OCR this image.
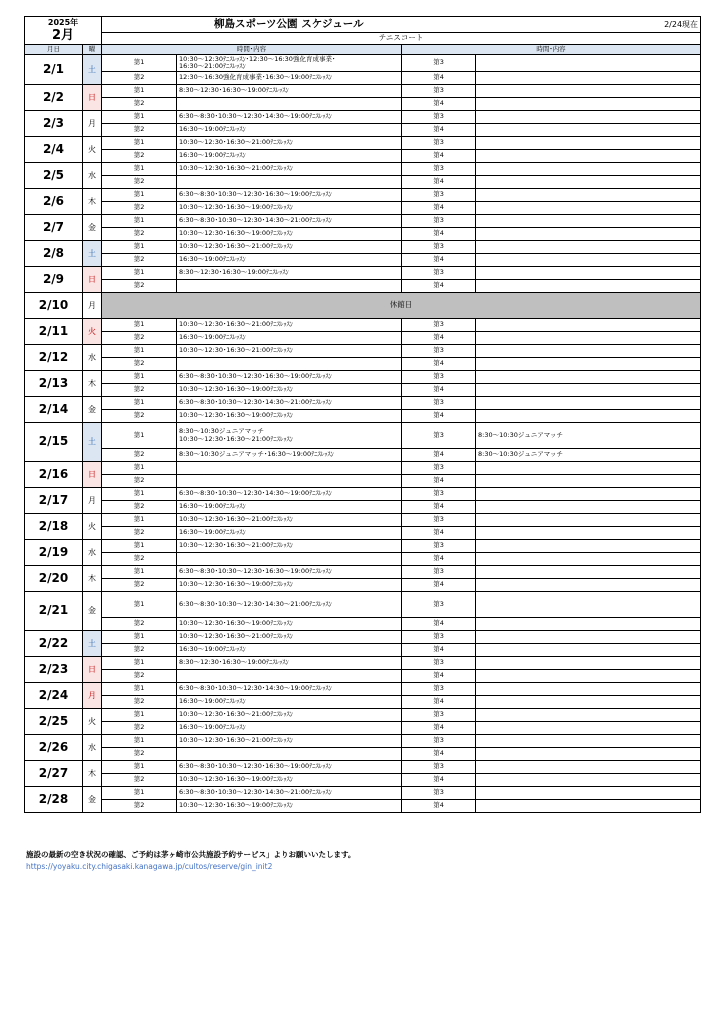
2025年
2月		柳島スポーツ公園 スケジュール			2/24現在
		テニスコート			
月日	曜	時間･内容		時間･内容	
2/1	土	第1	10:30〜12:30ﾃﾆｽﾚｯｽﾝ･12:30〜16:30強化育成事業･
16:30〜21:00ﾃﾆｽﾚｯｽﾝ	第3	
		第2	12:30〜16:30強化育成事業･16:30〜19:00ﾃﾆｽﾚｯｽﾝ	第4	
2/2	日	第1	8:30〜12:30･16:30〜19:00ﾃﾆｽﾚｯｽﾝ	第3	
		第2		第4	
2/3	月	第1	6:30〜8:30･10:30〜12:30･14:30〜19:00ﾃﾆｽﾚｯｽﾝ	第3	
		第2	16:30〜19:00ﾃﾆｽﾚｯｽﾝ	第4	
2/4	火	第1	10:30〜12:30･16:30〜21:00ﾃﾆｽﾚｯｽﾝ	第3	
		第2	16:30〜19:00ﾃﾆｽﾚｯｽﾝ	第4	
2/5	水	第1	10:30〜12:30･16:30〜21:00ﾃﾆｽﾚｯｽﾝ	第3	
		第2		第4	
2/6	木	第1	6:30〜8:30･10:30〜12:30･16:30〜19:00ﾃﾆｽﾚｯｽﾝ	第3	
		第2	10:30〜12:30･16:30〜19:00ﾃﾆｽﾚｯｽﾝ	第4	
2/7	金	第1	6:30〜8:30･10:30〜12:30･14:30〜21:00ﾃﾆｽﾚｯｽﾝ	第3	
		第2	10:30〜12:30･16:30〜19:00ﾃﾆｽﾚｯｽﾝ	第4	
2/8	土	第1	10:30〜12:30･16:30〜21:00ﾃﾆｽﾚｯｽﾝ	第3	
		第2	16:30〜19:00ﾃﾆｽﾚｯｽﾝ	第4	
2/9	日	第1	8:30〜12:30･16:30〜19:00ﾃﾆｽﾚｯｽﾝ	第3	
		第2		第4	
2/10	月	休館日			
2/11	火	第1	10:30〜12:30･16:30〜21:00ﾃﾆｽﾚｯｽﾝ	第3	
		第2	16:30〜19:00ﾃﾆｽﾚｯｽﾝ	第4	
2/12	水	第1	10:30〜12:30･16:30〜21:00ﾃﾆｽﾚｯｽﾝ	第3	
		第2		第4	
2/13	木	第1	6:30〜8:30･10:30〜12:30･16:30〜19:00ﾃﾆｽﾚｯｽﾝ	第3	
		第2	10:30〜12:30･16:30〜19:00ﾃﾆｽﾚｯｽﾝ	第4	
2/14	金	第1	6:30〜8:30･10:30〜12:30･14:30〜21:00ﾃﾆｽﾚｯｽﾝ	第3	
		第2	10:30〜12:30･16:30〜19:00ﾃﾆｽﾚｯｽﾝ	第4	
2/15	土	第1	8:30〜10:30ジュニアマッチ
10:30〜12:30･16:30〜21:00ﾃﾆｽﾚｯｽﾝ	第3	8:30〜10:30ジュニアマッチ
		第2	8:30〜10:30ジュニアマッチ･16:30〜19:00ﾃﾆｽﾚｯｽﾝ	第4	8:30〜10:30ジュニアマッチ
2/16	日	第1		第3	
		第2		第4	
2/17	月	第1	6:30〜8:30･10:30〜12:30･14:30〜19:00ﾃﾆｽﾚｯｽﾝ	第3	
		第2	16:30〜19:00ﾃﾆｽﾚｯｽﾝ	第4	
2/18	火	第1	10:30〜12:30･16:30〜21:00ﾃﾆｽﾚｯｽﾝ	第3	
		第2	16:30〜19:00ﾃﾆｽﾚｯｽﾝ	第4	
2/19	水	第1	10:30〜12:30･16:30〜21:00ﾃﾆｽﾚｯｽﾝ	第3	
		第2		第4	
2/20	木	第1	6:30〜8:30･10:30〜12:30･16:30〜19:00ﾃﾆｽﾚｯｽﾝ	第3	
		第2	10:30〜12:30･16:30〜19:00ﾃﾆｽﾚｯｽﾝ	第4	
2/21	金	第1	6:30〜8:30･10:30〜12:30･14:30〜21:00ﾃﾆｽﾚｯｽﾝ	第3	
		第2	10:30〜12:30･16:30〜19:00ﾃﾆｽﾚｯｽﾝ	第4	
2/22	土	第1	10:30〜12:30･16:30〜21:00ﾃﾆｽﾚｯｽﾝ	第3	
		第2	16:30〜19:00ﾃﾆｽﾚｯｽﾝ	第4	
2/23	日	第1	8:30〜12:30･16:30〜19:00ﾃﾆｽﾚｯｽﾝ	第3	
		第2		第4	
2/24	月	第1	6:30〜8:30･10:30〜12:30･14:30〜19:00ﾃﾆｽﾚｯｽﾝ	第3	
		第2	16:30〜19:00ﾃﾆｽﾚｯｽﾝ	第4	
2/25	火	第1	10:30〜12:30･16:30〜21:00ﾃﾆｽﾚｯｽﾝ	第3	
		第2	16:30〜19:00ﾃﾆｽﾚｯｽﾝ	第4	
2/26	水	第1	10:30〜12:30･16:30〜21:00ﾃﾆｽﾚｯｽﾝ	第3	
		第2		第4	
2/27	木	第1	6:30〜8:30･10:30〜12:30･16:30〜19:00ﾃﾆｽﾚｯｽﾝ	第3	
		第2	10:30〜12:30･16:30〜19:00ﾃﾆｽﾚｯｽﾝ	第4	
2/28	金	第1	6:30〜8:30･10:30〜12:30･14:30〜21:00ﾃﾆｽﾚｯｽﾝ	第3	
		第2	10:30〜12:30･16:30〜19:00ﾃﾆｽﾚｯｽﾝ	第4	
施設の最新の空き状況の確認、ご予約は茅ヶ崎市公共施設予約サービス」よりお願いいたします。
https://yoyaku.city.chigasaki.kanagawa.jp/cultos/reserve/gin_init2
